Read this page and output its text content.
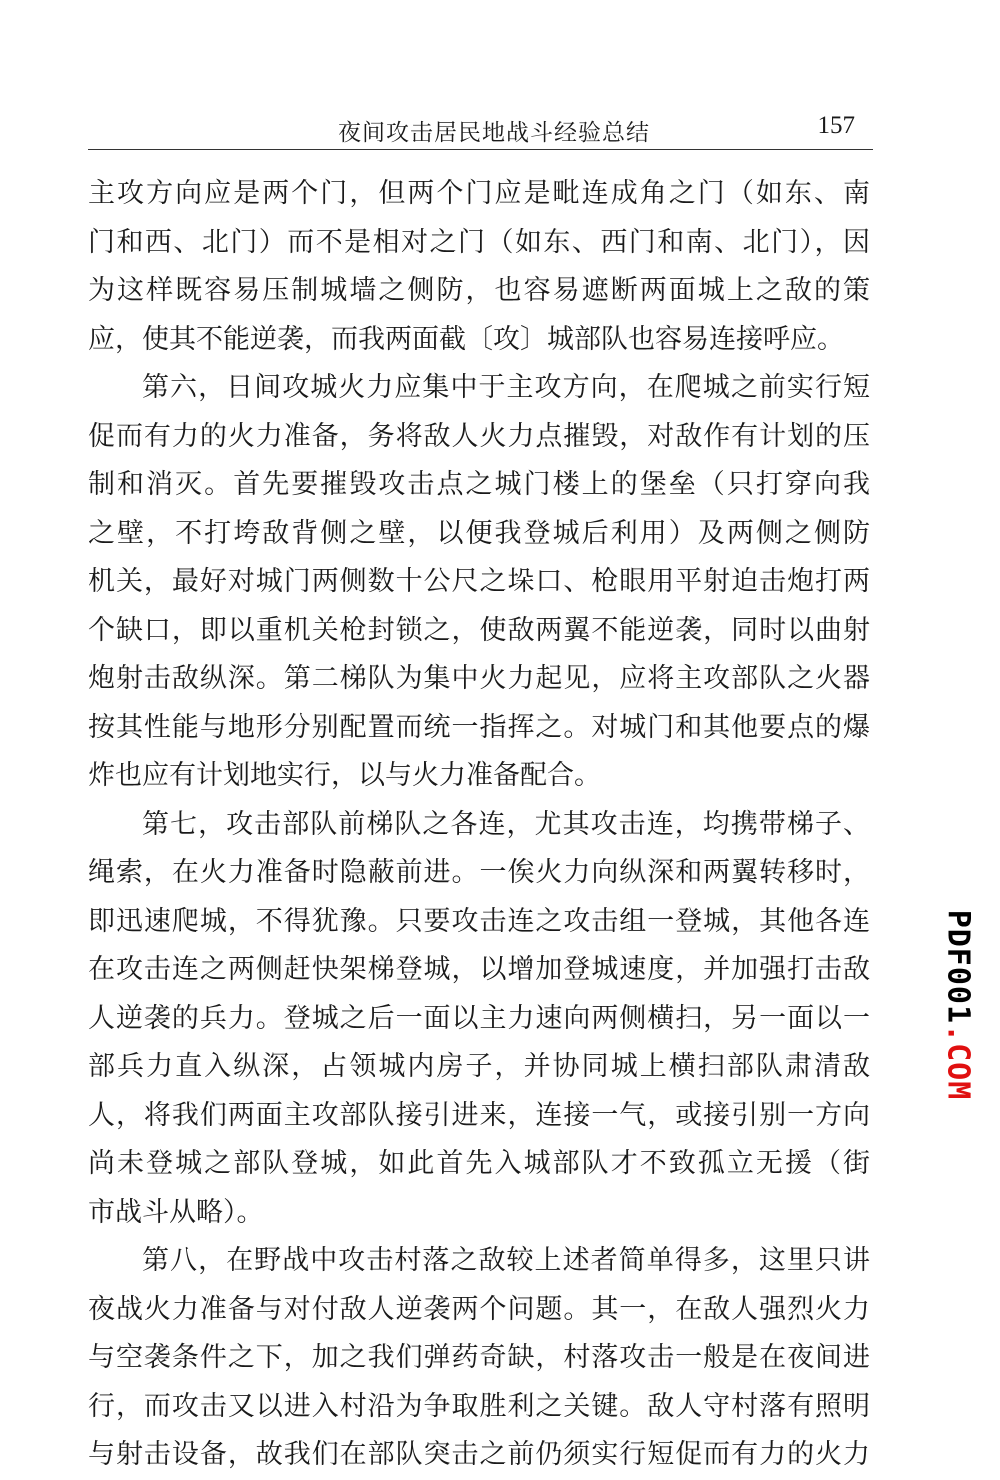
夜间攻击居民地战斗经验总结	157
主攻方向应是两个门，但两个门应是毗连成角之门（如东、南
门和西、北门）而不是相对之门（如东、西门和南、北门），因
为这样既容易压制城墙之侧防，也容易遮断两面城上之敌的策
应，使其不能逆袭，而我两面截〔攻〕城部队也容易连接呼应。
第六，日间攻城火力应集中于主攻方向，在爬城之前实行短
促而有力的火力准备，务将敌人火力点摧毁，对敌作有计划的压
制和消灭。首先要摧毁攻击点之城门楼上的堡垒（只打穿向我
之壁，不打垮敌背侧之壁，以便我登城后利用）及两侧之侧防
机关，最好对城门两侧数十公尺之垛口、枪眼用平射迫击炮打两
个缺口，即以重机关枪封锁之，使敌两翼不能逆袭，同时以曲射
炮射击敌纵深。第二梯队为集中火力起见，应将主攻部队之火器
按其性能与地形分别配置而统一指挥之。对城门和其他要点的爆
炸也应有计划地实行，以与火力准备配合。
第七，攻击部队前梯队之各连，尤其攻击连，均携带梯子、
绳索，在火力准备时隐蔽前进。一俟火力向纵深和两翼转移时，
即迅速爬城，不得犹豫。只要攻击连之攻击组一登城，其他各连
在攻击连之两侧赶快架梯登城，以增加登城速度，并加强打击敌
人逆袭的兵力。登城之后一面以主力速向两侧横扫，另一面以一
部兵力直入纵深，占领城内房子，并协同城上横扫部队肃清敌
人，将我们两面主攻部队接引进来，连接一气，或接引别一方向
尚未登城之部队登城，如此首先入城部队才不致孤立无援（街
市战斗从略）。
第八，在野战中攻击村落之敌较上述者简单得多，这里只讲
夜战火力准备与对付敌人逆袭两个问题。其一，在敌人强烈火力
与空袭条件之下，加之我们弹药奇缺，村落攻击一般是在夜间进
行，而攻击又以进入村沿为争取胜利之关键。敌人守村落有照明
与射击设备，故我们在部队突击之前仍须实行短促而有力的火力
PDF001.COM
